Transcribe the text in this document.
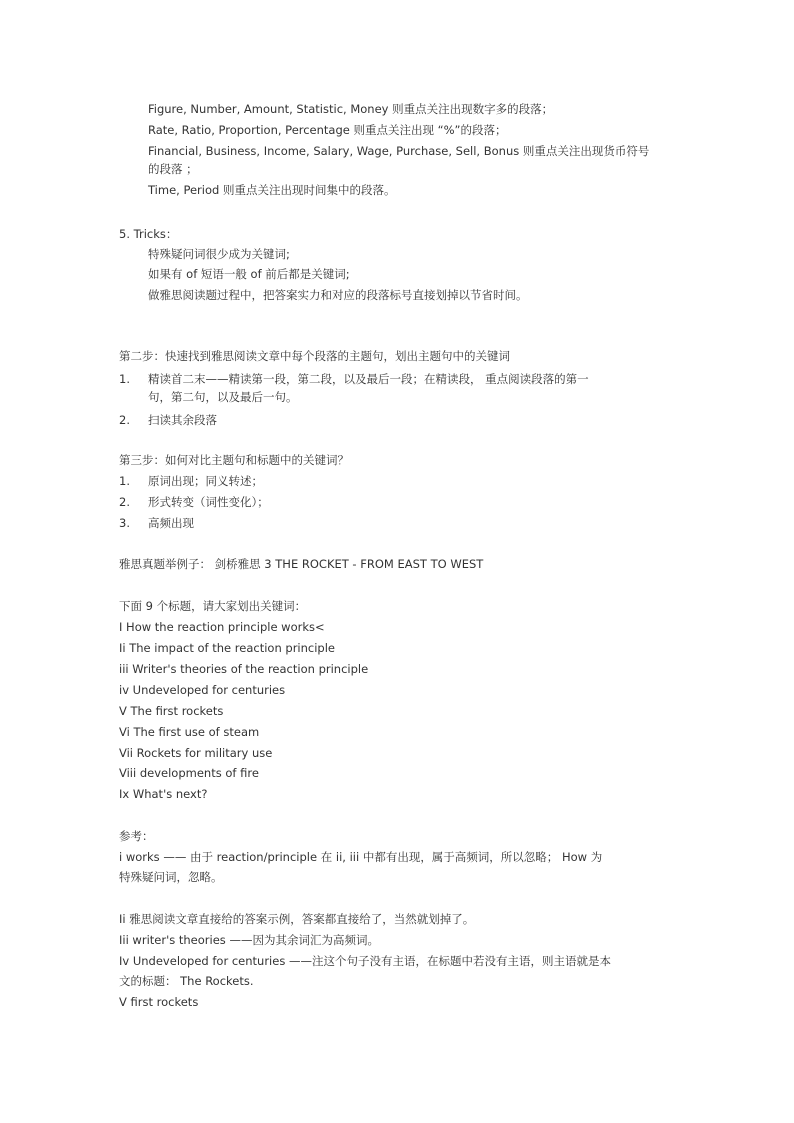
Figure, Number, Amount, Statistic, Money 则重点关注出现数字多的段落；
Rate, Ratio, Proportion, Percentage 则重点关注出现 “%”的段落；
Financial, Business, Income, Salary, Wage, Purchase, Sell, Bonus 则重点关注出现货币符号
的段落 ；
Time, Period 则重点关注出现时间集中的段落。
5. Tricks：
特殊疑问词很少成为关键词;
如果有 of 短语一般 of 前后都是关键词;
做雅思阅读题过程中，把答案实力和对应的段落标号直接划掉以节省时间。
第二步：快速找到雅思阅读文章中每个段落的主题句，划出主题句中的关键词
1. 精读首二末——精读第一段，第二段，以及最后一段；在精读段， 重点阅读段落的第一
句，第二句，以及最后一句。
2. 扫读其余段落
第三步：如何对比主题句和标题中的关键词？
1. 原词出现；同义转述；
2. 形式转变（词性变化）；
3. 高频出现
雅思真题举例子： 剑桥雅思 3 THE ROCKET - FROM EAST TO WEST
下面 9 个标题，请大家划出关键词：
I How the reaction principle works<
Ii The impact of the reaction principle
iii Writer's theories of the reaction principle
iv Undeveloped for centuries
V The first rockets
Vi The first use of steam
Vii Rockets for military use
Viii developments of fire
Ix What's next?
参考：
i works —— 由于 reaction/principle 在 ii, iii 中都有出现，属于高频词，所以忽略； How 为
特殊疑问词，忽略。
Ii 雅思阅读文章直接给的答案示例，答案都直接给了，当然就划掉了。
Iii writer's theories ——因为其余词汇为高频词。
Iv Undeveloped for centuries ——注这个句子没有主语，在标题中若没有主语，则主语就是本
文的标题： The Rockets.
V first rockets
